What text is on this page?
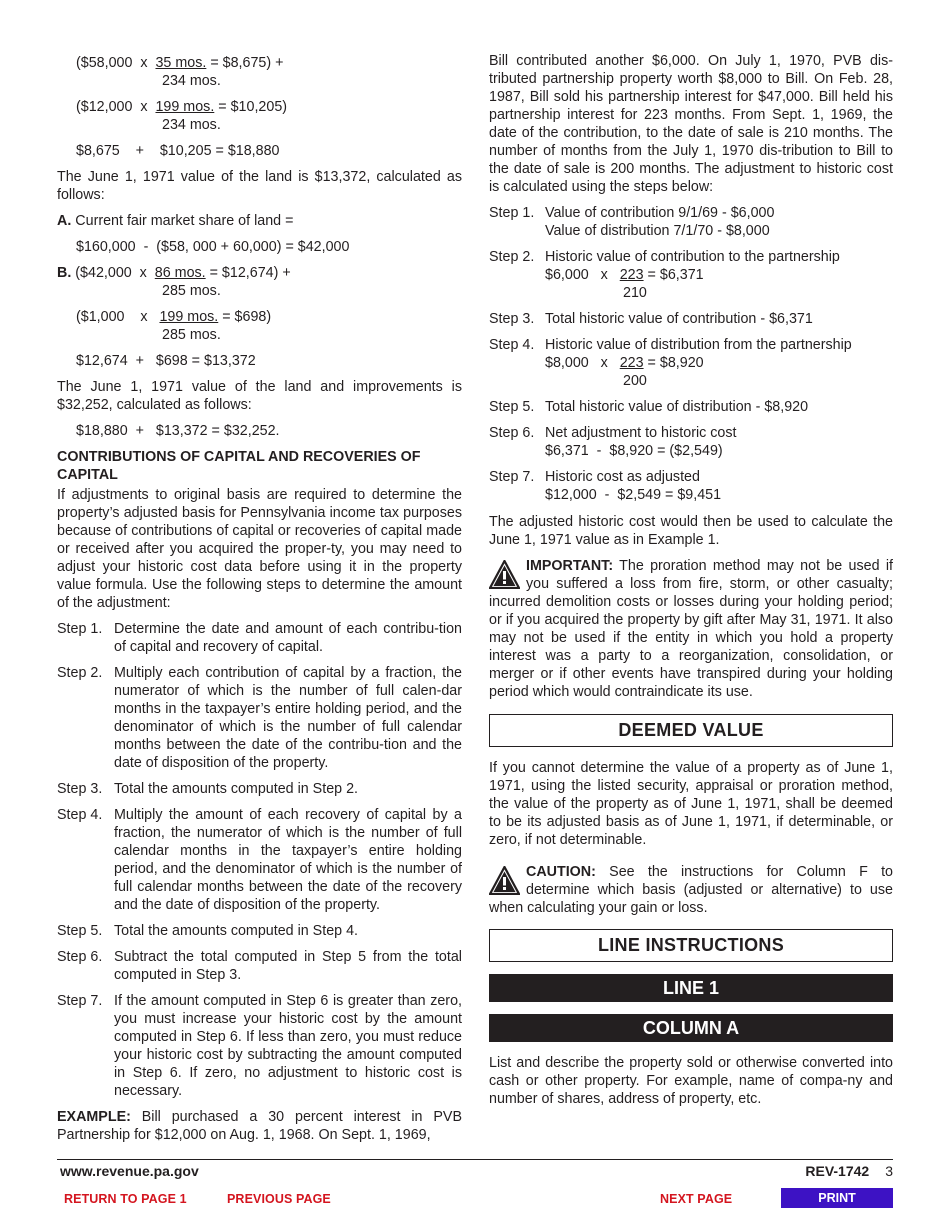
($58,000  x  35 mos. = $8,675) +
234 mos.
($12,000  x  199 mos. = $10,205)
234 mos.
$8,675    +    $10,205 = $18,880

The June 1, 1971 value of the land is $13,372, calculated as follows:

A. Current fair market share of land =

$160,000  -  ($58, 000 + 60,000) = $42,000
B. ($42,000  x  86 mos. = $12,674) +
285 mos.
($1,000    x   199 mos. = $698)
285 mos.
$12,674  +   $698 = $13,372

The June 1, 1971 value of the land and improvements is $32,252, calculated as follows:

$18,880  +   $13,372 = $32,252.

CONTRIBUTIONS OF CAPITAL AND RECOVERIES OF CAPITAL

If adjustments to original basis are required to determine the property’s adjusted basis for Pennsylvania income tax purposes because of contributions of capital or recoveries of capital made or received after you acquired the proper-ty, you may need to adjust your historic cost data before using it in the property value formula. Use the following steps to determine the amount of the adjustment:

Step 1. Determine the date and amount of each contribu-tion of capital and recovery of capital.
Step 2. Multiply each contribution of capital by a fraction, the numerator of which is the number of full calen-dar months in the taxpayer’s entire holding period, and the denominator of which is the number of full calendar months between the date of the contribu-tion and the date of disposition of the property.
Step 3. Total the amounts computed in Step 2.
Step 4. Multiply the amount of each recovery of capital by a fraction, the numerator of which is the number of full calendar months in the taxpayer’s entire holding period, and the denominator of which is the number of full calendar months between the date of the recovery and the date of disposition of the property.
Step 5. Total the amounts computed in Step 4.
Step 6. Subtract the total computed in Step 5 from the total computed in Step 3.
Step 7. If the amount computed in Step 6 is greater than zero, you must increase your historic cost by the amount computed in Step 6. If less than zero, you must reduce your historic cost by subtracting the amount computed in Step 6. If zero, no adjustment to historic cost is necessary.

EXAMPLE: Bill purchased a 30 percent interest in PVB Partnership for $12,000 on Aug. 1, 1968. On Sept. 1, 1969,

Bill contributed another $6,000. On July 1, 1970, PVB dis-tributed partnership property worth $8,000 to Bill. On Feb. 28, 1987, Bill sold his partnership interest for $47,000. Bill held his partnership interest for 223 months. From Sept. 1, 1969, the date of the contribution, to the date of sale is 210 months. The number of months from the July 1, 1970 dis-tribution to Bill to the date of sale is 200 months. The adjustment to historic cost is calculated using the steps below:

Step 1. Value of contribution 9/1/69 - $6,000
Value of distribution 7/1/70 - $8,000
Step 2. Historic value of contribution to the partnership
$6,000   x   223 = $6,371
210
Step 3. Total historic value of contribution - $6,371
Step 4. Historic value of distribution from the partnership
$8,000   x   223 = $8,920
200
Step 5. Total historic value of distribution - $8,920
Step 6. Net adjustment to historic cost
$6,371  -  $8,920 = ($2,549)
Step 7. Historic cost as adjusted
$12,000  -  $2,549 = $9,451

The adjusted historic cost would then be used to calculate the June 1, 1971 value as in Example 1.

IMPORTANT: The proration method may not be used if you suffered a loss from fire, storm, or other casualty; incurred demolition costs or losses during your holding period; or if you acquired the property by gift after May 31, 1971. It also may not be used if the entity in which you hold a property interest was a party to a reorganization, consolidation, or merger or if other events have transpired during your holding period which would contraindicate its use.
DEEMED VALUE

If you cannot determine the value of a property as of June 1, 1971, using the listed security, appraisal or proration method, the value of the property as of June 1, 1971, shall be deemed to be its adjusted basis as of June 1, 1971, if determinable, or zero, if not determinable.

CAUTION: See the instructions for Column F to determine which basis (adjusted or alternative) to use when calculating your gain or loss.
LINE INSTRUCTIONS
LINE 1
COLUMN A

List and describe the property sold or otherwise converted into cash or other property. For example, name of compa-ny and number of shares, address of property, etc.

www.revenue.pa.gov	REV-1742 3
RETURN TO PAGE 1	PREVIOUS PAGE	NEXT PAGE	PRINT
